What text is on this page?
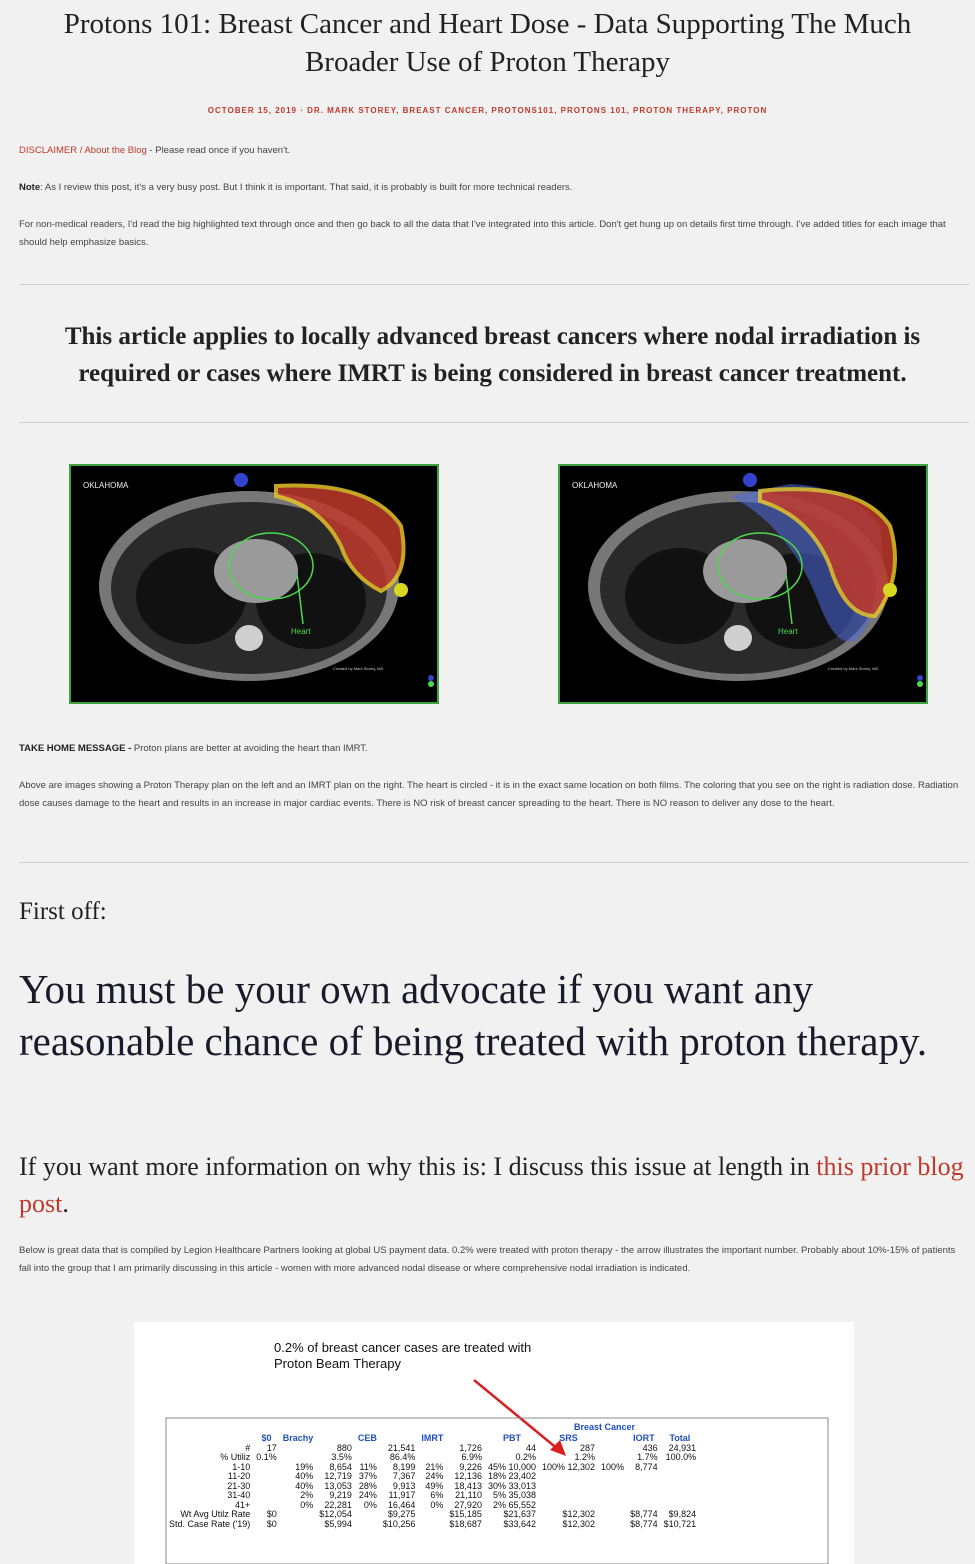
Protons 101: Breast Cancer and Heart Dose - Data Supporting The Much Broader Use of Proton Therapy
OCTOBER 15, 2019 · DR. MARK STOREY, BREAST CANCER, PROTONS101, PROTONS 101, PROTON THERAPY, PROTON
DISCLAIMER / About the Blog - Please read once if you haven't.
Note: As I review this post, it's a very busy post. But I think it is important. That said, it is probably is built for more technical readers.
For non-medical readers, I'd read the big highlighted text through once and then go back to all the data that I've integrated into this article. Don't get hung up on details first time through. I've added titles for each image that should help emphasize basics.
This article applies to locally advanced breast cancers where nodal irradiation is required or cases where IMRT is being considered in breast cancer treatment.
Heart
OKLAHOMA
Created by Mark Storey, MD
Heart
OKLAHOMA
Created by Mark Storey, MD
TAKE HOME MESSAGE - Proton plans are better at avoiding the heart than IMRT.
Above are images showing a Proton Therapy plan on the left and an IMRT plan on the right. The heart is circled - it is in the exact same location on both films. The coloring that you see on the right is radiation dose. Radiation dose causes damage to the heart and results in an increase in major cardiac events. There is NO risk of breast cancer spreading to the heart. There is NO reason to deliver any dose to the heart.
First off:
You must be your own advocate if you want any reasonable chance of being treated with proton therapy.
If you want more information on why this is: I discuss this issue at length in this prior blog post.
Below is great data that is compiled by Legion Healthcare Partners looking at global US payment data. 0.2% were treated with proton therapy - the arrow illustrates the important number. Probably about 10%-15% of patients fall into the group that I am primarily discussing in this article - women with more advanced nodal disease or where comprehensive nodal irradiation is indicated.
0.2% of breast cancer cases are treated with Proton Beam Therapy
Breast Cancer
	$0	Brachy		CEB		IMRT		PBT	SRS		IORT	Total
#	17		880		21,541		1,726	44	287		436	24,931
% Utiliz	0.1%		3.5%		86.4%		6.9%	0.2%	1.2%		1.7%	100.0%
1-10		19%	8,654	11%	8,199	21%	9,226	45% 10,000	100% 12,302	100%	8,774	
11-20		40%	12,719	37%	7,367	24%	12,136	18% 23,402				
21-30		40%	13,053	28%	9,913	49%	18,413	30% 33,013				
31-40		2%	9,219	24%	11,917	6%	21,110	5% 35,038				
41+		0%	22,281	0%	16,464	0%	27,920	2% 65,552				
Wt Avg Utilz Rate	$0		$12,054		$9,275		$15,185	$21,637	$12,302		$8,774	$9,824
Std. Case Rate ('19)	$0		$5,994		$10,256		$18,687	$33,642	$12,302		$8,774	$10,721
